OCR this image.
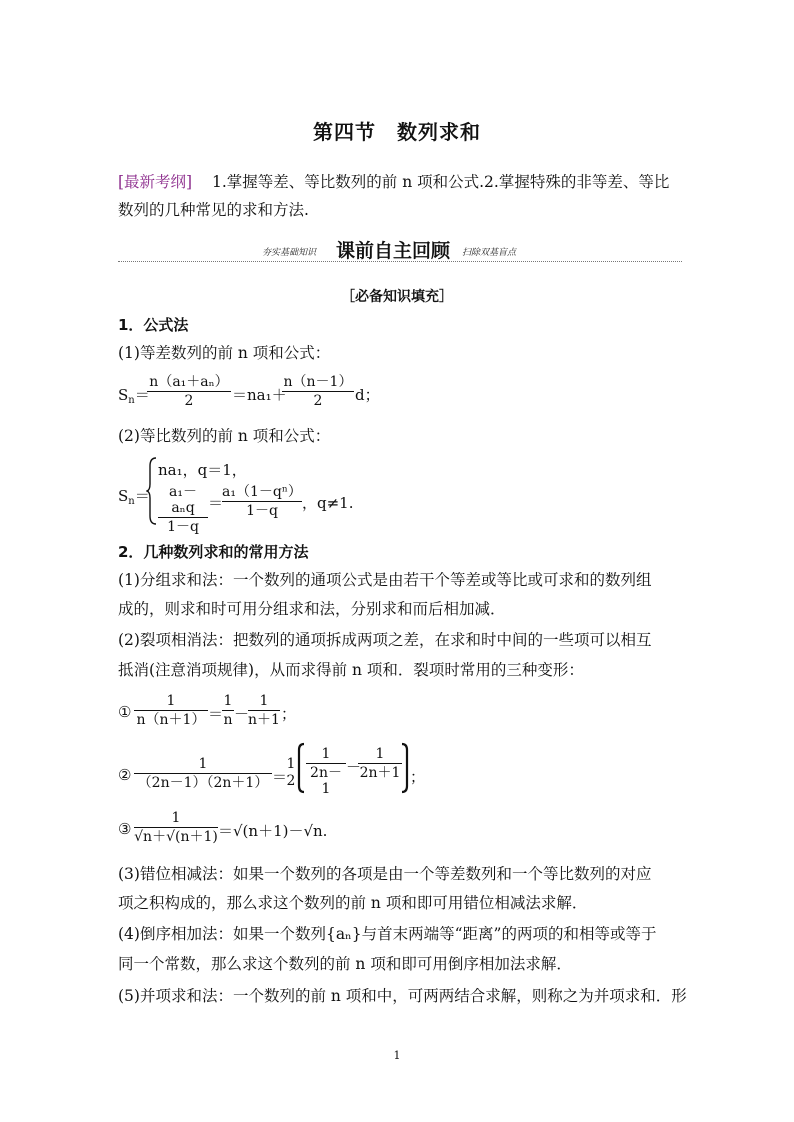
第四节　数列求和
[最新考纲] 1.掌握等差、等比数列的前 n 项和公式.2.掌握特殊的非等差、等比
数列的几种常见的求和方法.
夯实基础知识 课前自主回顾 扫除双基盲点
［必备知识填充］
1．公式法
(1)等差数列的前 n 项和公式：
$S_n=$
n（a₁＋aₙ）
2	＝na₁＋
n（n－1）
2	d；
(2)等比数列的前 n 项和公式：
$S_n=$
na₁，q＝1，
a₁－aₙq
1－q
＝
a₁（1－qⁿ）
1－q	，q≠1.
2．几种数列求和的常用方法
(1)分组求和法：一个数列的通项公式是由若干个等差或等比或可求和的数列组
成的，则求和时可用分组求和法，分别求和而后相加减．
(2)裂项相消法：把数列的通项拆成两项之差，在求和时中间的一些项可以相互
抵消(注意消项规律)，从而求得前 n 项和．裂项时常用的三种变形：
①
1
n（n＋1） ＝
1
n －
1
n＋1 ；
②
1
（2n－1）（2n＋1） ＝
1
2
1
2n－1
－
1
2n＋1 ；
③
1
√n＋√(n＋1) ＝√(n＋1)－√n.
(3)错位相减法：如果一个数列的各项是由一个等差数列和一个等比数列的对应
项之积构成的，那么求这个数列的前 n 项和即可用错位相减法求解．
(4)倒序相加法：如果一个数列{aₙ}与首末两端等“距离”的两项的和相等或等于
同一个常数，那么求这个数列的前 n 项和即可用倒序相加法求解．
(5)并项求和法：一个数列的前 n 项和中，可两两结合求解，则称之为并项求和．形
1
